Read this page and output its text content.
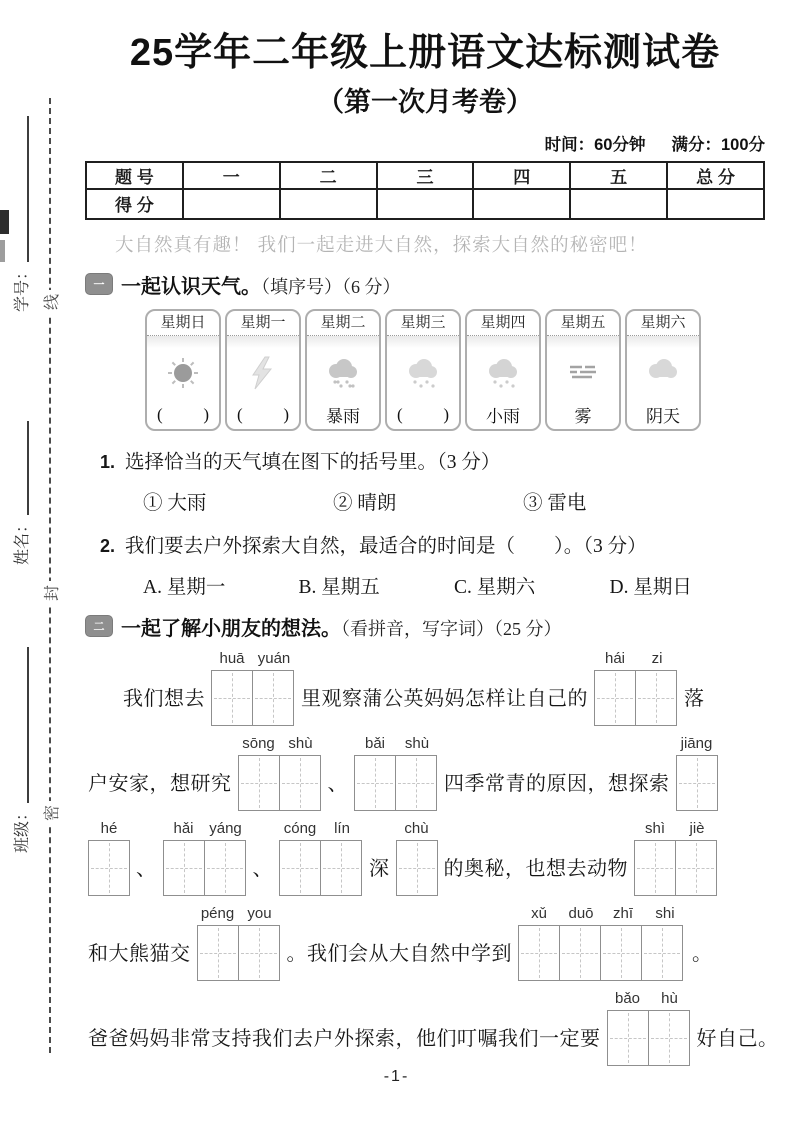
学号：
姓名：
班级：
线
封
密
25学年二年级上册语文达标测试卷
（第一次月考卷）
时间：60分钟 满分：100分
题 号	一	二	三	四	五	总 分
得 分						
大自然真有趣！ 我们一起走进大自然，探索大自然的秘密吧！
一 一起认识天气。（填序号）（6 分）
星期日
( )
星期一
( )
星期二
暴雨
星期三
( )
星期四
小雨
星期五
雾
星期六
阴天
1. 选择恰当的天气填在图下的括号里。（3 分）
① 大雨	② 晴朗	③ 雷电
2. 我们要去户外探索大自然，最适合的时间是（　　）。（3 分）
A. 星期一	B. 星期五	C. 星期六	D. 星期日
二 一起了解小朋友的想法。（看拼音，写字词）（25 分）
我们想去
huā yuán
里观察蒲公英妈妈怎样让自己的
hái	zi
落
户安家，想研究
sōng shù
、
bǎi	shù
四季常青的原因，想探索
jiāng
hé
、
hǎi	yáng
、
cóng	lín
深
chù
的奥秘，也想去动物
shì	jiè
和大熊猫交
péng you
。我们会从大自然中学到
xǔ	duō	zhī	shi
。
爸爸妈妈非常支持我们去户外探索，他们叮嘱我们一定要
bǎo	hù
好自己。
-1-
